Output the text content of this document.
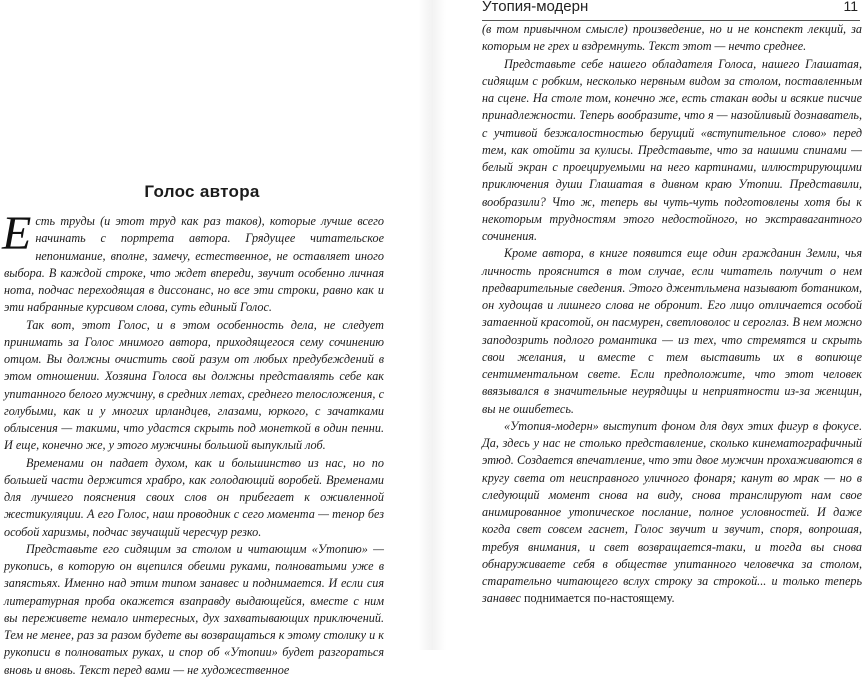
Голос автора

Есть труды (и этот труд как раз таков), которые лучше всего начинать с портрета автора. Грядущее читательское непонимание, вполне, замечу, естественное, не оставляет иного выбора. В каждой строке, что ждет впереди, звучит особенно личная нота, подчас переходящая в диссонанс, но все эти строки, равно как и эти набранные курсивом слова, суть единый Голос.

Так вот, этот Голос, и в этом особенность дела, не следует принимать за Голос мнимого автора, приходящегося сему сочинению отцом. Вы должны очистить свой разум от любых предубеждений в этом отношении. Хозяина Голоса вы должны представлять себе как упитанного белого мужчину, в средних летах, среднего телосложения, с голубыми, как и у многих ирландцев, глазами, юркого, с зачатками облысения — такими, что удастся скрыть под монеткой в один пенни. И еще, конечно же, у этого мужчины большой выпуклый лоб.

Временами он падает духом, как и большинство из нас, но по большей части держится храбро, как голодающий воробей. Временами для лучшего пояснения своих слов он прибегает к оживленной жестикуляции. А его Голос, наш проводник с сего момента — тенор без особой харизмы, подчас звучащий чересчур резко.

Представьте его сидящим за столом и читающим «Утопию» — рукопись, в которую он вцепился обеими руками, полноватыми уже в запястьях. Именно над этим типом занавес и поднимается. И если сия литературная проба окажется взаправду выдающейся, вместе с ним вы переживете немало интересных, дух захватывающих приключений. Тем не менее, раз за разом будете вы возвращаться к этому столику и к рукописи в полноватых руках, и спор об «Утопии» будет разгораться вновь и вновь. Текст перед вами — не художественное

Утопия-модерн	11

(в том привычном смысле) произведение, но и не конспект лекций, за которым не грех и вздремнуть. Текст этот — нечто среднее.

Представьте себе нашего обладателя Голоса, нашего Глашатая, сидящим с робким, несколько нервным видом за столом, поставленным на сцене. На столе том, конечно же, есть стакан воды и всякие писчие принадлежности. Теперь вообразите, что я — назойливый дознаватель, с учтивой безжалостностью берущий «вступительное слово» перед тем, как отойти за кулисы. Представьте, что за нашими спинами — белый экран с проецируемыми на него картинами, иллюстрирующими приключения души Глашатая в дивном краю Утопии. Представили, вообразили? Что ж, теперь вы чуть-чуть подготовлены хотя бы к некоторым трудностям этого недостойного, но экстравагантного сочинения.

Кроме автора, в книге появится еще один гражданин Земли, чья личность прояснится в том случае, если читатель получит о нем предварительные сведения. Этого джентльмена называют ботаником, он худощав и лишнего слова не обронит. Его лицо отличается особой затаенной красотой, он пасмурен, светловолос и сероглаз. В нем можно заподозрить подлого романтика — из тех, что стремятся и скрыть свои желания, и вместе с тем выставить их в вопиюще сентиментальном свете. Если предположите, что этот человек ввязывался в значительные неурядицы и неприятности из-за женщин, вы не ошибетесь.

«Утопия-модерн» выступит фоном для двух этих фигур в фокусе. Да, здесь у нас не столько представление, сколько кинематографичный этюд. Создается впечатление, что эти двое мужчин прохаживаются в кругу света от неисправного уличного фонаря; канут во мрак — но в следующий момент снова на виду, снова транслируют нам свое анимированное утопическое послание, полное условностей. И даже когда свет совсем гаснет, Голос звучит и звучит, споря, вопрошая, требуя внимания, и свет возвращается-таки, и тогда вы снова обнаруживаете себя в обществе упитанного человечка за столом, старательно читающего вслух строку за строкой... и только теперь занавес поднимается по-настоящему.
